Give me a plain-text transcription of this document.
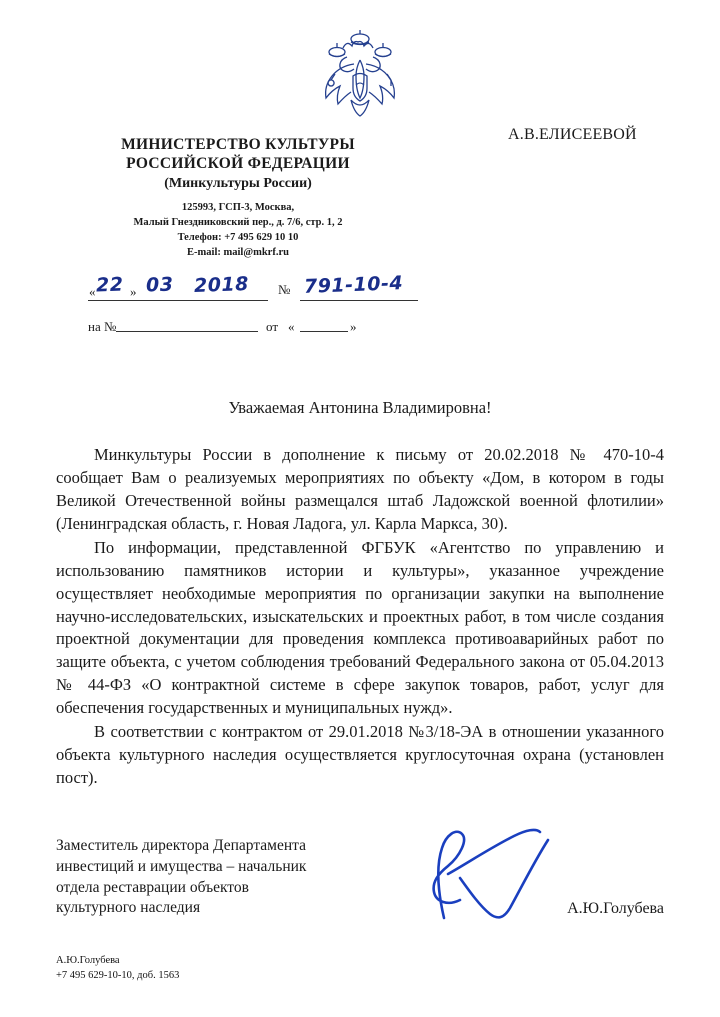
МИНИСТЕРСТВО КУЛЬТУРЫ
РОССИЙСКОЙ ФЕДЕРАЦИИ
(Минкультуры России)
125993, ГСП-3, Москва,
Малый Гнездниковский пер., д. 7/6, стр. 1, 2
Телефон: +7 495 629 10 10
E-mail: mail@mkrf.ru
А.В.ЕЛИСЕЕВОЙ
« 22 » 03 2018 № 791-10-4
на №	от «	»
Уважаемая Антонина Владимировна!

Минкультуры России в дополнение к письму от 20.02.2018 № 470-10-4 сообщает Вам о реализуемых мероприятиях по объекту «Дом, в котором в годы Великой Отечественной войны размещался штаб Ладожской военной флотилии» (Ленинградская область, г. Новая Ладога, ул. Карла Маркса, 30).

По информации, представленной ФГБУК «Агентство по управлению и использованию памятников истории и культуры», указанное учреждение осуществляет необходимые мероприятия по организации закупки на выполнение научно-исследовательских, изыскательских и проектных работ, в том числе создания проектной документации для проведения комплекса противоаварийных работ по защите объекта, с учетом соблюдения требований Федерального закона от 05.04.2013 № 44-ФЗ «О контрактной системе в сфере закупок товаров, работ, услуг для обеспечения государственных и муниципальных нужд».

В соответствии с контрактом от 29.01.2018 №3/18-ЭА в отношении указанного объекта культурного наследия осуществляется круглосуточная охрана (установлен пост).

Заместитель директора Департамента
инвестиций и имущества – начальник
отдела реставрации объектов
культурного наследия	А.Ю.Голубева
А.Ю.Голубева
+7 495 629-10-10, доб. 1563
